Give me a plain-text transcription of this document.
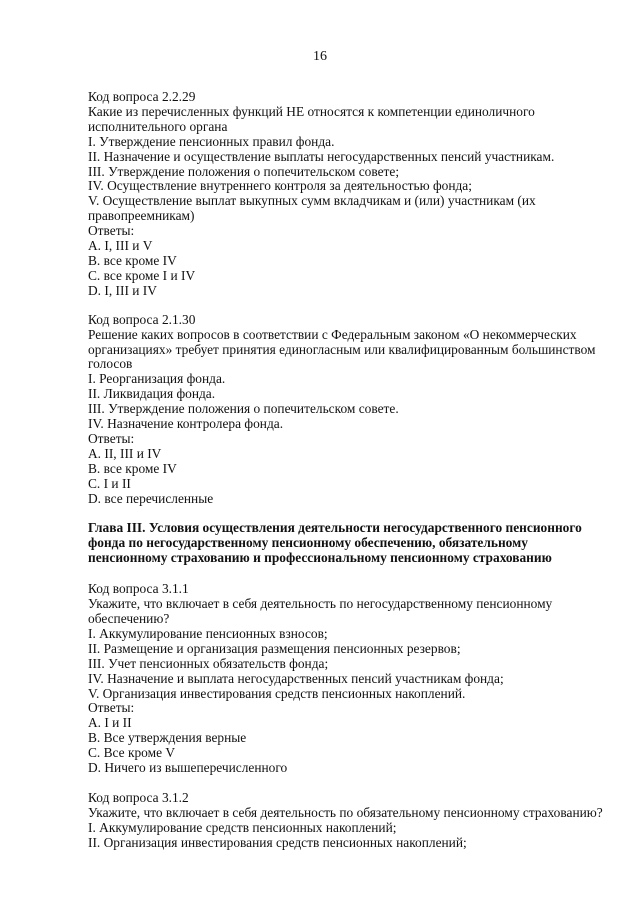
16
Код вопроса 2.2.29
Какие из перечисленных функций НЕ относятся к компетенции единоличного
исполнительного органа
I. Утверждение пенсионных правил фонда.
II. Назначение и осуществление выплаты негосударственных пенсий участникам.
III. Утверждение положения о попечительском совете;
IV. Осуществление внутреннего контроля за деятельностью фонда;
V. Осуществление выплат выкупных сумм вкладчикам и (или) участникам (их
правопреемникам)
Ответы:
A. I, III и V
B. все кроме IV
C. все кроме I и IV
D. I, III и IV
Код вопроса 2.1.30
Решение каких вопросов в соответствии с Федеральным законом «О некоммерческих
организациях» требует принятия единогласным или квалифицированным большинством
голосов
I. Реорганизация фонда.
II. Ликвидация фонда.
III. Утверждение положения о попечительском совете.
IV. Назначение контролера фонда.
Ответы:
A. II, III и IV
B. все кроме IV
C. I и II
D. все перечисленные
Глава III. Условия осуществления деятельности негосударственного пенсионного
фонда по негосударственному пенсионному обеспечению, обязательному
пенсионному страхованию и профессиональному пенсионному страхованию
Код вопроса 3.1.1
Укажите, что включает в себя деятельность по негосударственному пенсионному
обеспечению?
I. Аккумулирование пенсионных взносов;
II. Размещение и организация размещения пенсионных резервов;
III. Учет пенсионных обязательств фонда;
IV. Назначение и выплата негосударственных пенсий участникам фонда;
V. Организация инвестирования средств пенсионных накоплений.
Ответы:
A. I и II
B. Все утверждения верные
C. Все кроме V
D. Ничего из вышеперечисленного
Код вопроса 3.1.2
Укажите, что включает в себя деятельность по обязательному пенсионному страхованию?
I. Аккумулирование средств пенсионных накоплений;
II. Организация инвестирования средств пенсионных накоплений;
